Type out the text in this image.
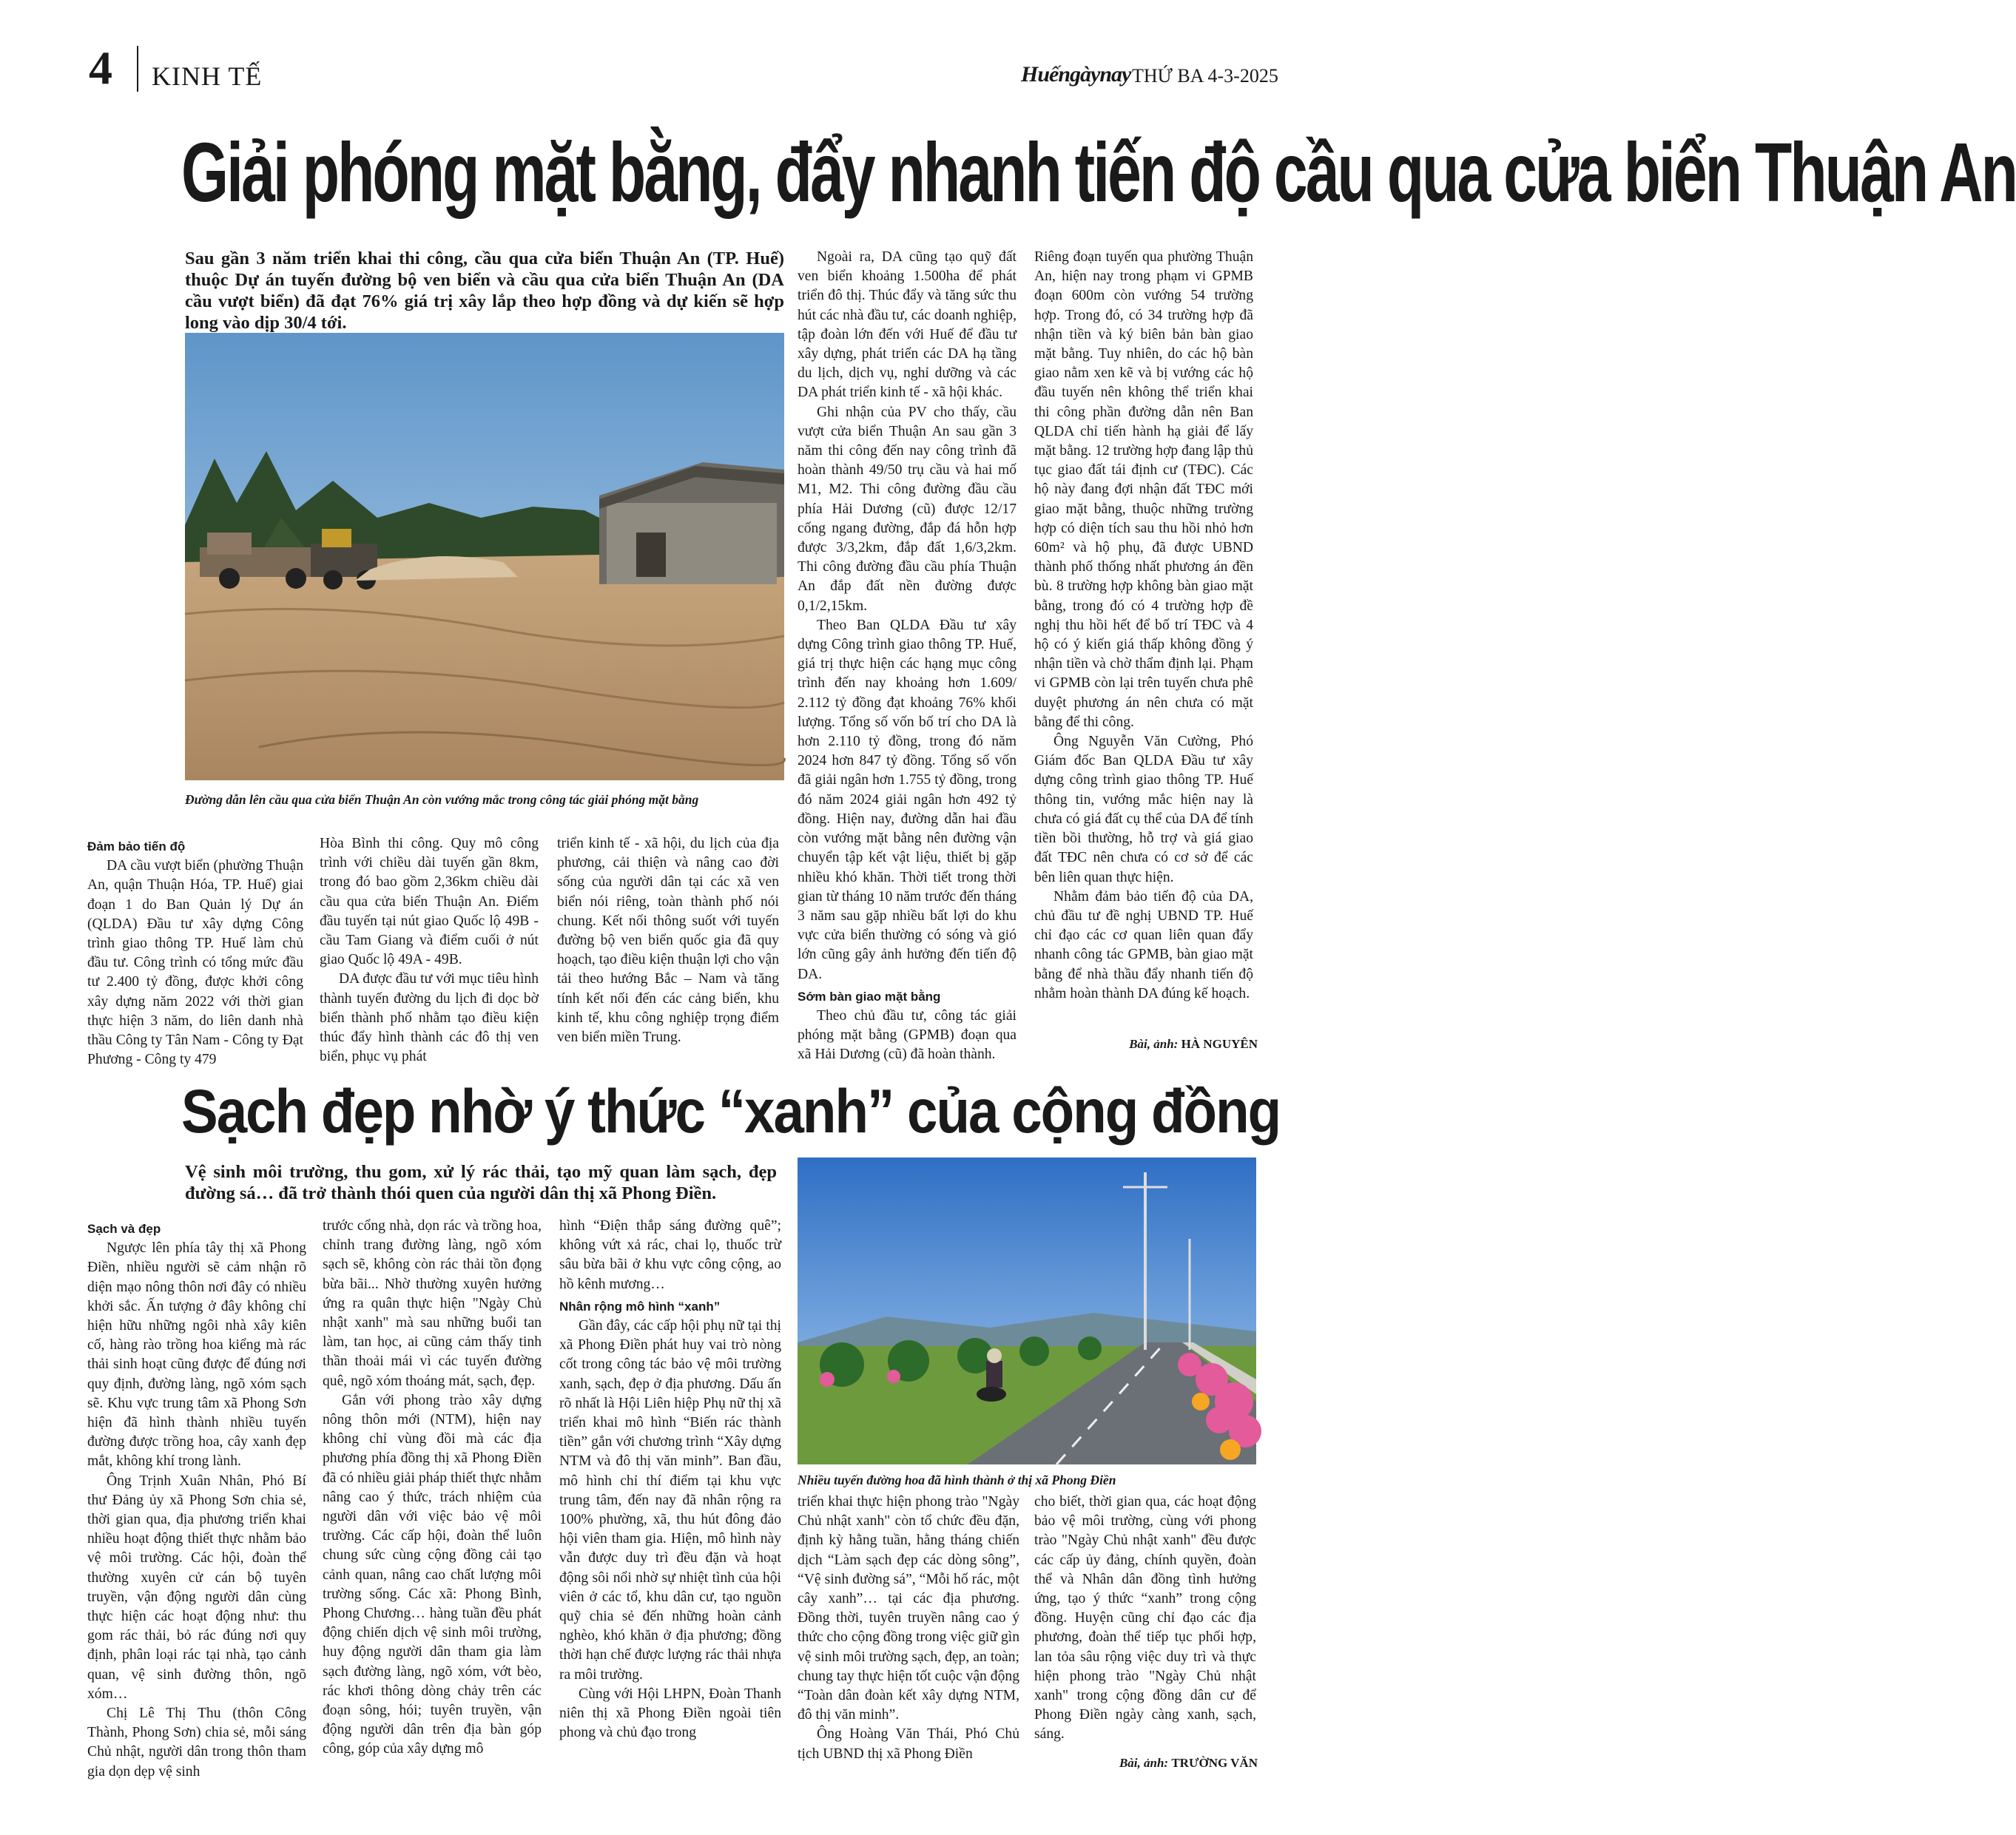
4 KINH TẾ	Huếngàynay THỨ BA 4-3-2025
Giải phóng mặt bằng, đẩy nhanh tiến độ cầu qua cửa biển Thuận An
Sau gần 3 năm triển khai thi công, cầu qua cửa biển Thuận An (TP. Huế) thuộc Dự án tuyến đường bộ ven biển và cầu qua cửa biển Thuận An (DA cầu vượt biển) đã đạt 76% giá trị xây lắp theo hợp đồng và dự kiến sẽ hợp long vào dịp 30/4 tới.
Đường dẫn lên cầu qua cửa biển Thuận An còn vướng mắc trong công tác giải phóng mặt bằng

Đảm bảo tiến độ

DA cầu vượt biển (phường Thuận An, quận Thuận Hóa, TP. Huế) giai đoạn 1 do Ban Quản lý Dự án (QLDA) Đầu tư xây dựng Công trình giao thông TP. Huế làm chủ đầu tư. Công trình có tổng mức đầu tư 2.400 tỷ đồng, được khởi công xây dựng năm 2022 với thời gian thực hiện 3 năm, do liên danh nhà thầu Công ty Tân Nam - Công ty Đạt Phương - Công ty 479

Hòa Bình thi công. Quy mô công trình với chiều dài tuyến gần 8km, trong đó bao gồm 2,36km chiều dài cầu qua cửa biển Thuận An. Điểm đầu tuyến tại nút giao Quốc lộ 49B - cầu Tam Giang và điểm cuối ở nút giao Quốc lộ 49A - 49B.

DA được đầu tư với mục tiêu hình thành tuyến đường du lịch đi dọc bờ biển thành phố nhằm tạo điều kiện thúc đẩy hình thành các đô thị ven biển, phục vụ phát

triển kinh tế - xã hội, du lịch của địa phương, cải thiện và nâng cao đời sống của người dân tại các xã ven biển nói riêng, toàn thành phố nói chung. Kết nối thông suốt với tuyến đường bộ ven biển quốc gia đã quy hoạch, tạo điều kiện thuận lợi cho vận tải theo hướng Bắc – Nam và tăng tính kết nối đến các cảng biển, khu kinh tế, khu công nghiệp trọng điểm ven biển miền Trung.

Ngoài ra, DA cũng tạo quỹ đất ven biển khoảng 1.500ha để phát triển đô thị. Thúc đẩy và tăng sức thu hút các nhà đầu tư, các doanh nghiệp, tập đoàn lớn đến với Huế để đầu tư xây dựng, phát triển các DA hạ tầng du lịch, dịch vụ, nghỉ dưỡng và các DA phát triển kinh tế - xã hội khác.

Ghi nhận của PV cho thấy, cầu vượt cửa biển Thuận An sau gần 3 năm thi công đến nay công trình đã hoàn thành 49/50 trụ cầu và hai mố M1, M2. Thi công đường đầu cầu phía Hải Dương (cũ) được 12/17 cống ngang đường, đắp đá hỗn hợp được 3/3,2km, đắp đất 1,6/3,2km. Thi công đường đầu cầu phía Thuận An đắp đất nền đường được 0,1/2,15km.

Theo Ban QLDA Đầu tư xây dựng Công trình giao thông TP. Huế, giá trị thực hiện các hạng mục công trình đến nay khoảng hơn 1.609/ 2.112 tỷ đồng đạt khoảng 76% khối lượng. Tổng số vốn bố trí cho DA là hơn 2.110 tỷ đồng, trong đó năm 2024 hơn 847 tỷ đồng. Tổng số vốn đã giải ngân hơn 1.755 tỷ đồng, trong đó năm 2024 giải ngân hơn 492 tỷ đồng. Hiện nay, đường dẫn hai đầu còn vướng mặt bằng nên đường vận chuyển tập kết vật liệu, thiết bị gặp nhiều khó khăn. Thời tiết trong thời gian từ tháng 10 năm trước đến tháng 3 năm sau gặp nhiều bất lợi do khu vực cửa biển thường có sóng và gió lớn cũng gây ảnh hưởng đến tiến độ DA.

Sớm bàn giao mặt bằng

Theo chủ đầu tư, công tác giải phóng mặt bằng (GPMB) đoạn qua xã Hải Dương (cũ) đã hoàn thành.

Riêng đoạn tuyến qua phường Thuận An, hiện nay trong phạm vi GPMB đoạn 600m còn vướng 54 trường hợp. Trong đó, có 34 trường hợp đã nhận tiền và ký biên bản bàn giao mặt bằng. Tuy nhiên, do các hộ bàn giao nằm xen kẽ và bị vướng các hộ đầu tuyến nên không thể triển khai thi công phần đường dẫn nên Ban QLDA chỉ tiến hành hạ giải để lấy mặt bằng. 12 trường hợp đang lập thủ tục giao đất tái định cư (TĐC). Các hộ này đang đợi nhận đất TĐC mới giao mặt bằng, thuộc những trường hợp có diện tích sau thu hồi nhỏ hơn 60m² và hộ phụ, đã được UBND thành phố thống nhất phương án đền bù. 8 trường hợp không bàn giao mặt bằng, trong đó có 4 trường hợp đề nghị thu hồi hết để bố trí TĐC và 4 hộ có ý kiến giá thấp không đồng ý nhận tiền và chờ thẩm định lại. Phạm vi GPMB còn lại trên tuyến chưa phê duyệt phương án nên chưa có mặt bằng để thi công.

Ông Nguyễn Văn Cường, Phó Giám đốc Ban QLDA Đầu tư xây dựng công trình giao thông TP. Huế thông tin, vướng mắc hiện nay là chưa có giá đất cụ thể của DA để tính tiền bồi thường, hỗ trợ và giá giao đất TĐC nên chưa có cơ sở để các bên liên quan thực hiện.

Nhằm đảm bảo tiến độ của DA, chủ đầu tư đề nghị UBND TP. Huế chỉ đạo các cơ quan liên quan đẩy nhanh công tác GPMB, bàn giao mặt bằng để nhà thầu đẩy nhanh tiến độ nhằm hoàn thành DA đúng kế hoạch.

Bài, ảnh: HÀ NGUYÊN
Sạch đẹp nhờ ý thức “xanh” của cộng đồng
Vệ sinh môi trường, thu gom, xử lý rác thải, tạo mỹ quan làm sạch, đẹp đường sá… đã trở thành thói quen của người dân thị xã Phong Điền.
Nhiều tuyến đường hoa đã hình thành ở thị xã Phong Điền

Sạch và đẹp

Ngược lên phía tây thị xã Phong Điền, nhiều người sẽ cảm nhận rõ diện mạo nông thôn nơi đây có nhiều khởi sắc. Ấn tượng ở đây không chỉ hiện hữu những ngôi nhà xây kiên cố, hàng rào trồng hoa kiểng mà rác thải sinh hoạt cũng được để đúng nơi quy định, đường làng, ngõ xóm sạch sẽ. Khu vực trung tâm xã Phong Sơn hiện đã hình thành nhiều tuyến đường được trồng hoa, cây xanh đẹp mắt, không khí trong lành.

Ông Trịnh Xuân Nhân, Phó Bí thư Đảng ủy xã Phong Sơn chia sẻ, thời gian qua, địa phương triển khai nhiều hoạt động thiết thực nhằm bảo vệ môi trường. Các hội, đoàn thể thường xuyên cử cán bộ tuyên truyền, vận động người dân cùng thực hiện các hoạt động như: thu gom rác thải, bỏ rác đúng nơi quy định, phân loại rác tại nhà, tạo cảnh quan, vệ sinh đường thôn, ngõ xóm…

Chị Lê Thị Thu (thôn Công Thành, Phong Sơn) chia sẻ, mỗi sáng Chủ nhật, người dân trong thôn tham gia dọn dẹp vệ sinh

trước cổng nhà, dọn rác và trồng hoa, chỉnh trang đường làng, ngõ xóm sạch sẽ, không còn rác thải tồn đọng bừa bãi... Nhờ thường xuyên hưởng ứng ra quân thực hiện "Ngày Chủ nhật xanh" mà sau những buổi tan làm, tan học, ai cũng cảm thấy tinh thần thoải mái vì các tuyến đường quê, ngõ xóm thoáng mát, sạch, đẹp.

Gắn với phong trào xây dựng nông thôn mới (NTM), hiện nay không chỉ vùng đồi mà các địa phương phía đồng thị xã Phong Điền đã có nhiều giải pháp thiết thực nhằm nâng cao ý thức, trách nhiệm của người dân với việc bảo vệ môi trường. Các cấp hội, đoàn thể luôn chung sức cùng cộng đồng cải tạo cảnh quan, nâng cao chất lượng môi trường sống. Các xã: Phong Bình, Phong Chương… hàng tuần đều phát động chiến dịch vệ sinh môi trường, huy động người dân tham gia làm sạch đường làng, ngõ xóm, vớt bèo, rác khơi thông dòng chảy trên các đoạn sông, hói; tuyên truyền, vận động người dân trên địa bàn góp công, góp của xây dựng mô

hình “Điện thắp sáng đường quê”; không vứt xả rác, chai lọ, thuốc trừ sâu bừa bãi ở khu vực công cộng, ao hồ kênh mương…

Nhân rộng mô hình “xanh”

Gần đây, các cấp hội phụ nữ tại thị xã Phong Điền phát huy vai trò nòng cốt trong công tác bảo vệ môi trường xanh, sạch, đẹp ở địa phương. Dấu ấn rõ nhất là Hội Liên hiệp Phụ nữ thị xã triển khai mô hình “Biến rác thành tiền” gắn với chương trình “Xây dựng NTM và đô thị văn minh”. Ban đầu, mô hình chỉ thí điểm tại khu vực trung tâm, đến nay đã nhân rộng ra 100% phường, xã, thu hút đông đảo hội viên tham gia. Hiện, mô hình này vẫn được duy trì đều đặn và hoạt động sôi nổi nhờ sự nhiệt tình của hội viên ở các tổ, khu dân cư, tạo nguồn quỹ chia sẻ đến những hoàn cảnh nghèo, khó khăn ở địa phương; đồng thời hạn chế được lượng rác thải nhựa ra môi trường.

Cùng với Hội LHPN, Đoàn Thanh niên thị xã Phong Điền ngoài tiên phong và chủ đạo trong

triển khai thực hiện phong trào "Ngày Chủ nhật xanh" còn tổ chức đều đặn, định kỳ hằng tuần, hằng tháng chiến dịch “Làm sạch đẹp các dòng sông”, “Vệ sinh đường sá”, “Mỗi hố rác, một cây xanh”… tại các địa phương. Đồng thời, tuyên truyền nâng cao ý thức cho cộng đồng trong việc giữ gìn vệ sinh môi trường sạch, đẹp, an toàn; chung tay thực hiện tốt cuộc vận động “Toàn dân đoàn kết xây dựng NTM, đô thị văn minh”.

Ông Hoàng Văn Thái, Phó Chủ tịch UBND thị xã Phong Điền

cho biết, thời gian qua, các hoạt động bảo vệ môi trường, cùng với phong trào "Ngày Chủ nhật xanh" đều được các cấp ủy đảng, chính quyền, đoàn thể và Nhân dân đồng tình hưởng ứng, tạo ý thức “xanh” trong cộng đồng. Huyện cũng chỉ đạo các địa phương, đoàn thể tiếp tục phối hợp, lan tỏa sâu rộng việc duy trì và thực hiện phong trào "Ngày Chủ nhật xanh" trong cộng đồng dân cư để Phong Điền ngày càng xanh, sạch, sáng.

Bài, ảnh: TRƯỜNG VĂN
